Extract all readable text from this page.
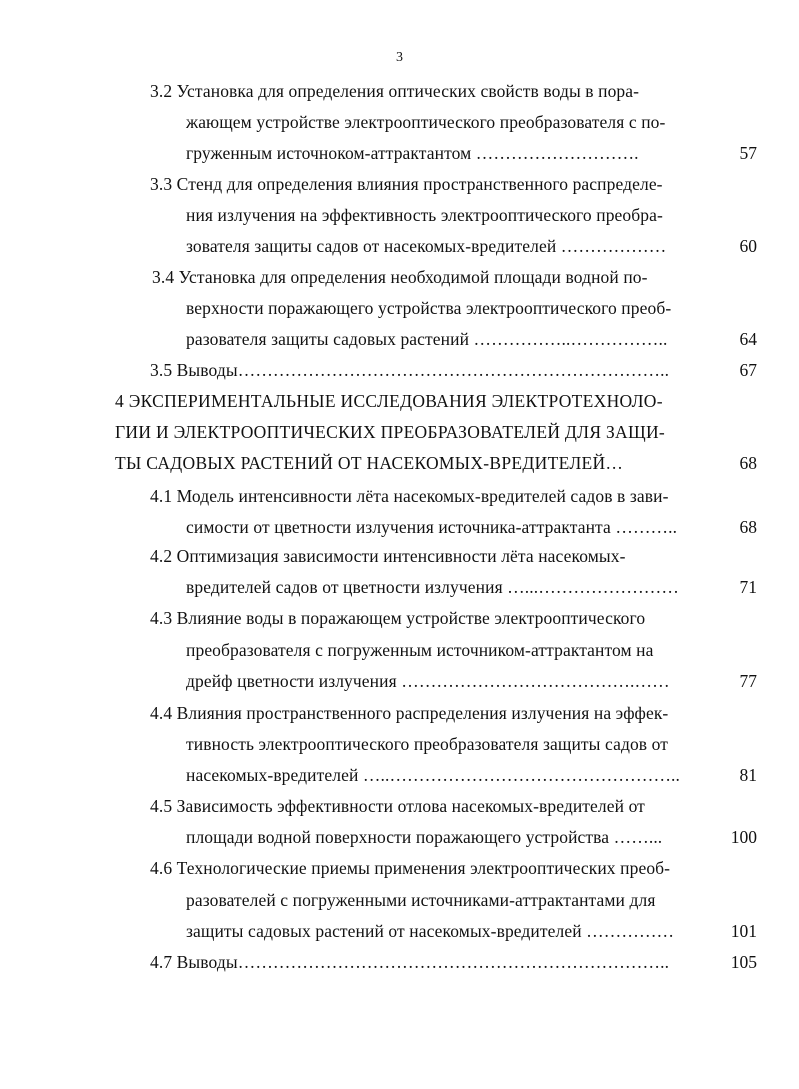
3
3.2 Установка для определения оптических свойств воды в пора-
жающем устройстве электрооптического преобразователя с по-
груженным источноком-аттрактантом ……………………….	57
3.3 Стенд для определения влияния пространственного распределе-
ния излучения на эффективность электрооптического преобра-
зователя защиты садов от насекомых-вредителей ………………	60
3.4 Установка для определения необходимой площади водной по-
верхности поражающего устройства электрооптического преоб-
разователя защиты садовых растений ……………..……………..	64
3.5 Выводы………………………………………………………………..	67
4 ЭКСПЕРИМЕНТАЛЬНЫЕ ИССЛЕДОВАНИЯ ЭЛЕКТРОТЕХНОЛО-
ГИИ И ЭЛЕКТРООПТИЧЕСКИХ ПРЕОБРАЗОВАТЕЛЕЙ ДЛЯ ЗАЩИ-
ТЫ САДОВЫХ РАСТЕНИЙ ОТ НАСЕКОМЫХ-ВРЕДИТЕЛЕЙ…	68
4.1 Модель интенсивности лёта насекомых-вредителей садов в зави-
симости от цветности излучения источника-аттрактанта ………..	68
4.2 Оптимизация зависимости интенсивности лёта насекомых-
вредителей садов от цветности излучения …...……………………	71
4.3 Влияние воды в поражающем устройстве электрооптического
преобразователя с погруженным источником-аттрактантом на
дрейф цветности излучения ………………………………….……	77
4.4 Влияния пространственного распределения излучения на эффек-
тивность электрооптического преобразователя защиты садов от
насекомых-вредителей …..…………………………………………..	81
4.5 Зависимость эффективности отлова насекомых-вредителей от
площади водной поверхности поражающего устройства ……...	100
4.6 Технологические приемы применения электрооптических преоб-
разователей с погруженными источниками-аттрактантами для
защиты садовых растений от насекомых-вредителей ……………	101
4.7 Выводы………………………………………………………………..	105
